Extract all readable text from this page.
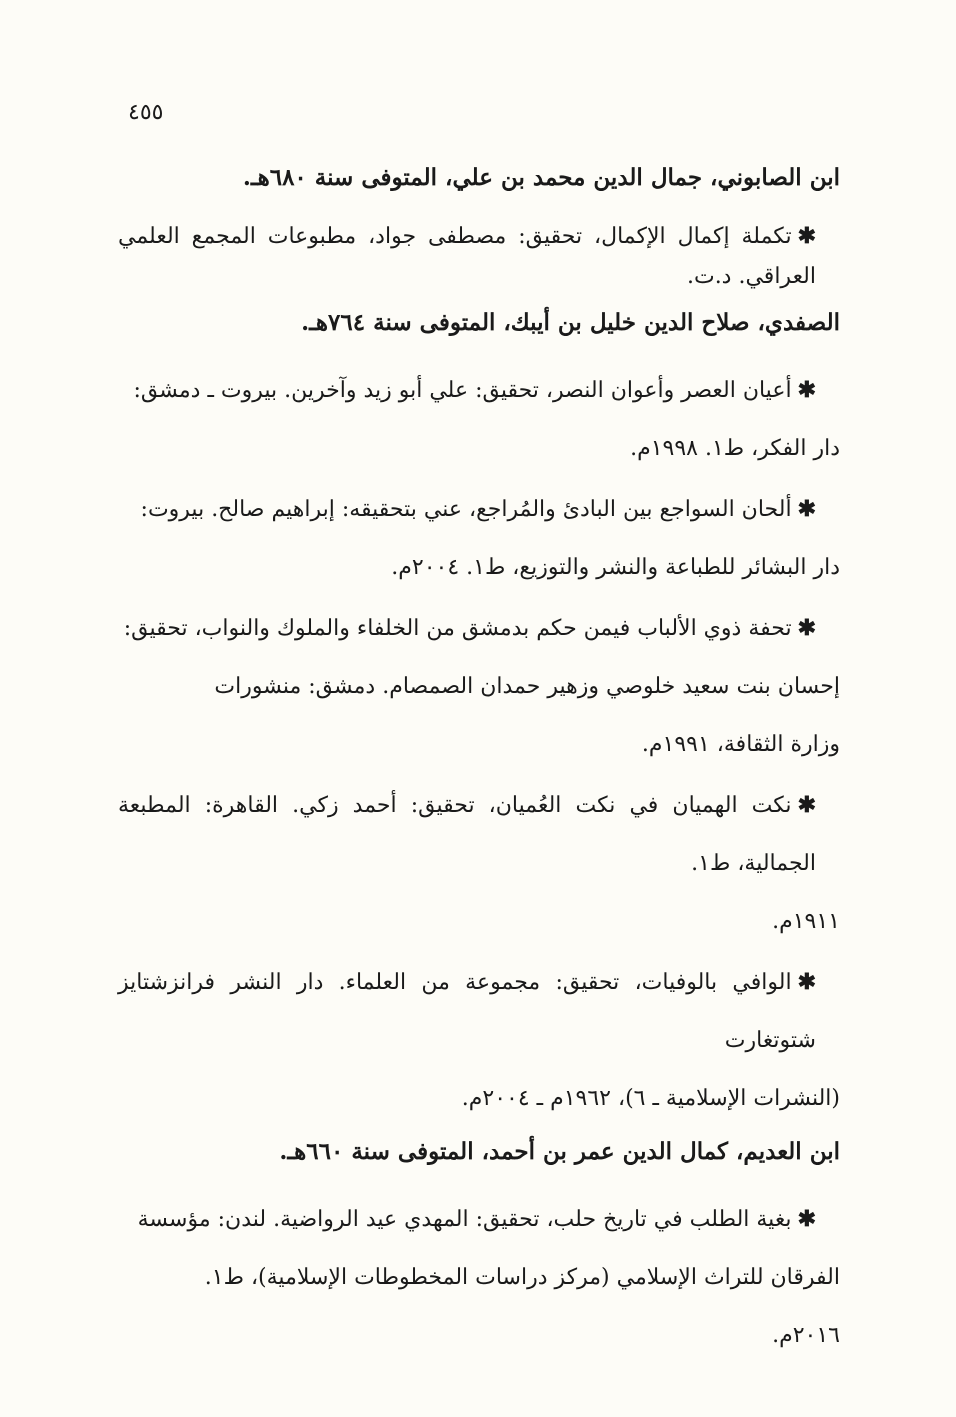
٤٥٥
ابن الصابوني، جمال الدين محمد بن علي، المتوفى سنة ٦٨٠هـ.
✱تكملة إكمال الإكمال، تحقيق: مصطفى جواد، مطبوعات المجمع العلمي العراقي. د.ت.
الصفدي، صلاح الدين خليل بن أيبك، المتوفى سنة ٧٦٤هـ.
✱أعيان العصر وأعوان النصر، تحقيق: علي أبو زيد وآخرين. بيروت ـ دمشق:
دار الفكر، ط١. ١٩٩٨م.
✱ألحان السواجع بين البادئ والمُراجع، عني بتحقيقه: إبراهيم صالح. بيروت:
دار البشائر للطباعة والنشر والتوزيع، ط١. ٢٠٠٤م.
✱تحفة ذوي الألباب فيمن حكم بدمشق من الخلفاء والملوك والنواب، تحقيق:
إحسان بنت سعيد خلوصي وزهير حمدان الصمصام. دمشق: منشورات
وزارة الثقافة، ١٩٩١م.
✱نكت الهميان في نكت العُميان، تحقيق: أحمد زكي. القاهرة: المطبعة الجمالية، ط١.
١٩١١م.
✱الوافي بالوفيات، تحقيق: مجموعة من العلماء. دار النشر فرانزشتايز شتوتغارت
(النشرات الإسلامية ـ ٦)، ١٩٦٢م ـ ٢٠٠٤م.
ابن العديم، كمال الدين عمر بن أحمد، المتوفى سنة ٦٦٠هـ.
✱بغية الطلب في تاريخ حلب، تحقيق: المهدي عيد الرواضية. لندن: مؤسسة
الفرقان للتراث الإسلامي (مركز دراسات المخطوطات الإسلامية)، ط١.
٢٠١٦م.
